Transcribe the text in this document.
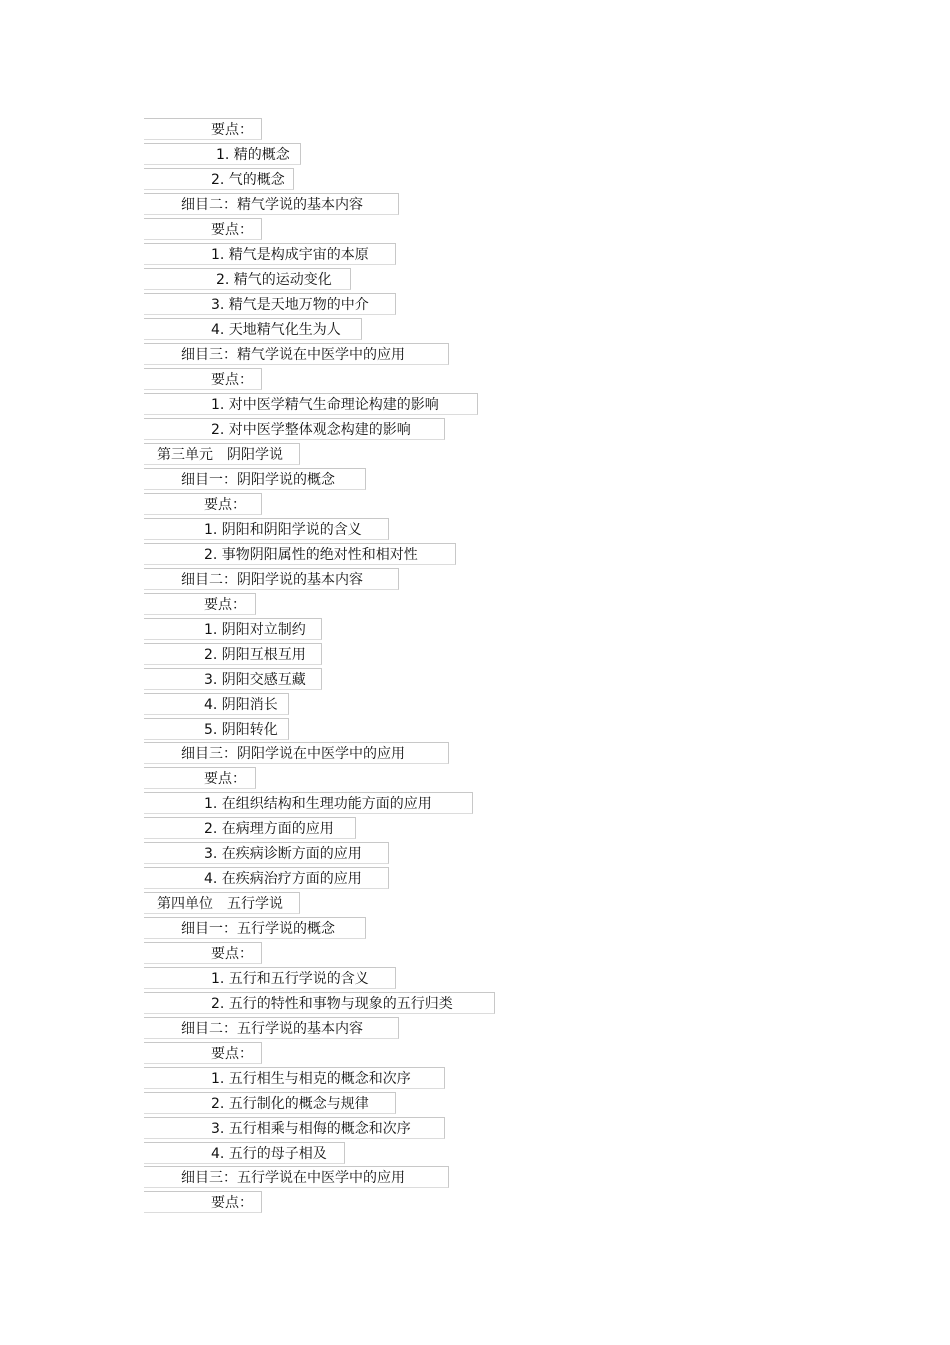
要点：
1. 精的概念
2. 气的概念
细目二：精气学说的基本内容
要点：
1. 精气是构成宇宙的本原
2. 精气的运动变化
3. 精气是天地万物的中介
4. 天地精气化生为人
细目三：精气学说在中医学中的应用
要点：
1. 对中医学精气生命理论构建的影响
2. 对中医学整体观念构建的影响
第三单元　阴阳学说
细目一：阴阳学说的概念
要点：
1. 阴阳和阴阳学说的含义
2. 事物阴阳属性的绝对性和相对性
细目二：阴阳学说的基本内容
要点：
1. 阴阳对立制约
2. 阴阳互根互用
3. 阴阳交感互藏
4. 阴阳消长
5. 阴阳转化
细目三：阴阳学说在中医学中的应用
要点：
1. 在组织结构和生理功能方面的应用
2. 在病理方面的应用
3. 在疾病诊断方面的应用
4. 在疾病治疗方面的应用
第四单位　五行学说
细目一：五行学说的概念
要点：
1. 五行和五行学说的含义
2. 五行的特性和事物与现象的五行归类
细目二：五行学说的基本内容
要点：
1. 五行相生与相克的概念和次序
2. 五行制化的概念与规律
3. 五行相乘与相侮的概念和次序
4. 五行的母子相及
细目三：五行学说在中医学中的应用
要点：
